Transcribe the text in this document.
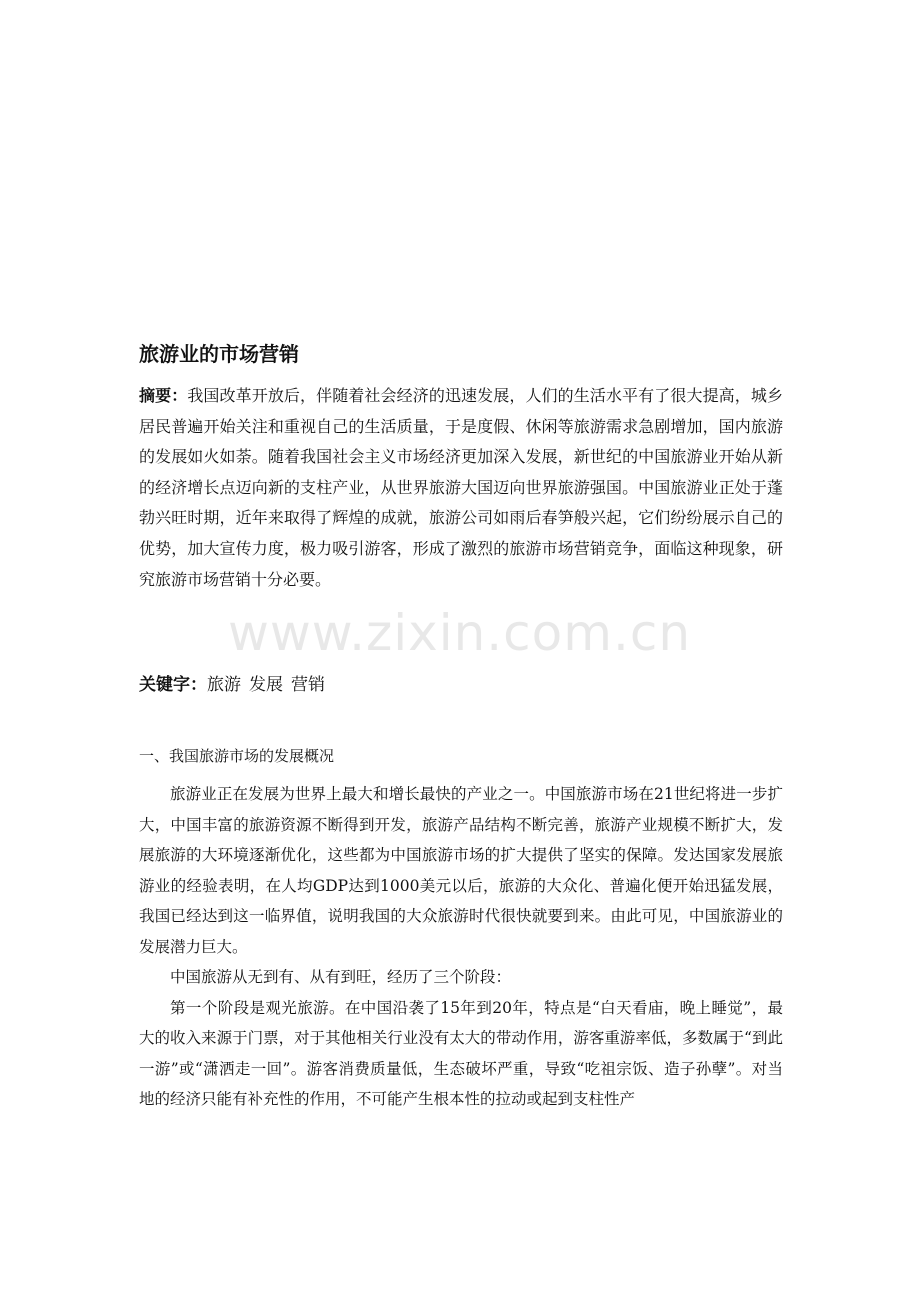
旅游业的市场营销

摘要：我国改革开放后，伴随着社会经济的迅速发展，人们的生活水平有了很大提高，城乡居民普遍开始关注和重视自己的生活质量，于是度假、休闲等旅游需求急剧增加，国内旅游的发展如火如荼。随着我国社会主义市场经济更加深入发展，新世纪的中国旅游业开始从新的经济增长点迈向新的支柱产业，从世界旅游大国迈向世界旅游强国。中国旅游业正处于蓬勃兴旺时期，近年来取得了辉煌的成就，旅游公司如雨后春笋般兴起，它们纷纷展示自己的优势，加大宣传力度，极力吸引游客，形成了激烈的旅游市场营销竞争，面临这种现象，研究旅游市场营销十分必要。

关键字：旅游 发展 营销

一、我国旅游市场的发展概况

旅游业正在发展为世界上最大和增长最快的产业之一。中国旅游市场在21世纪将进一步扩大，中国丰富的旅游资源不断得到开发，旅游产品结构不断完善，旅游产业规模不断扩大，发展旅游的大环境逐渐优化，这些都为中国旅游市场的扩大提供了坚实的保障。发达国家发展旅游业的经验表明，在人均GDP达到1000美元以后，旅游的大众化、普遍化便开始迅猛发展，我国已经达到这一临界值，说明我国的大众旅游时代很快就要到来。由此可见，中国旅游业的发展潜力巨大。

中国旅游从无到有、从有到旺，经历了三个阶段：

第一个阶段是观光旅游。在中国沿袭了15年到20年，特点是“白天看庙，晚上睡觉”，最大的收入来源于门票，对于其他相关行业没有太大的带动作用，游客重游率低，多数属于“到此一游”或“潇洒走一回”。游客消费质量低，生态破坏严重，导致“吃祖宗饭、造子孙孽”。对当地的经济只能有补充性的作用，不可能产生根本性的拉动或起到支柱性产

www.zixin.com.cn
